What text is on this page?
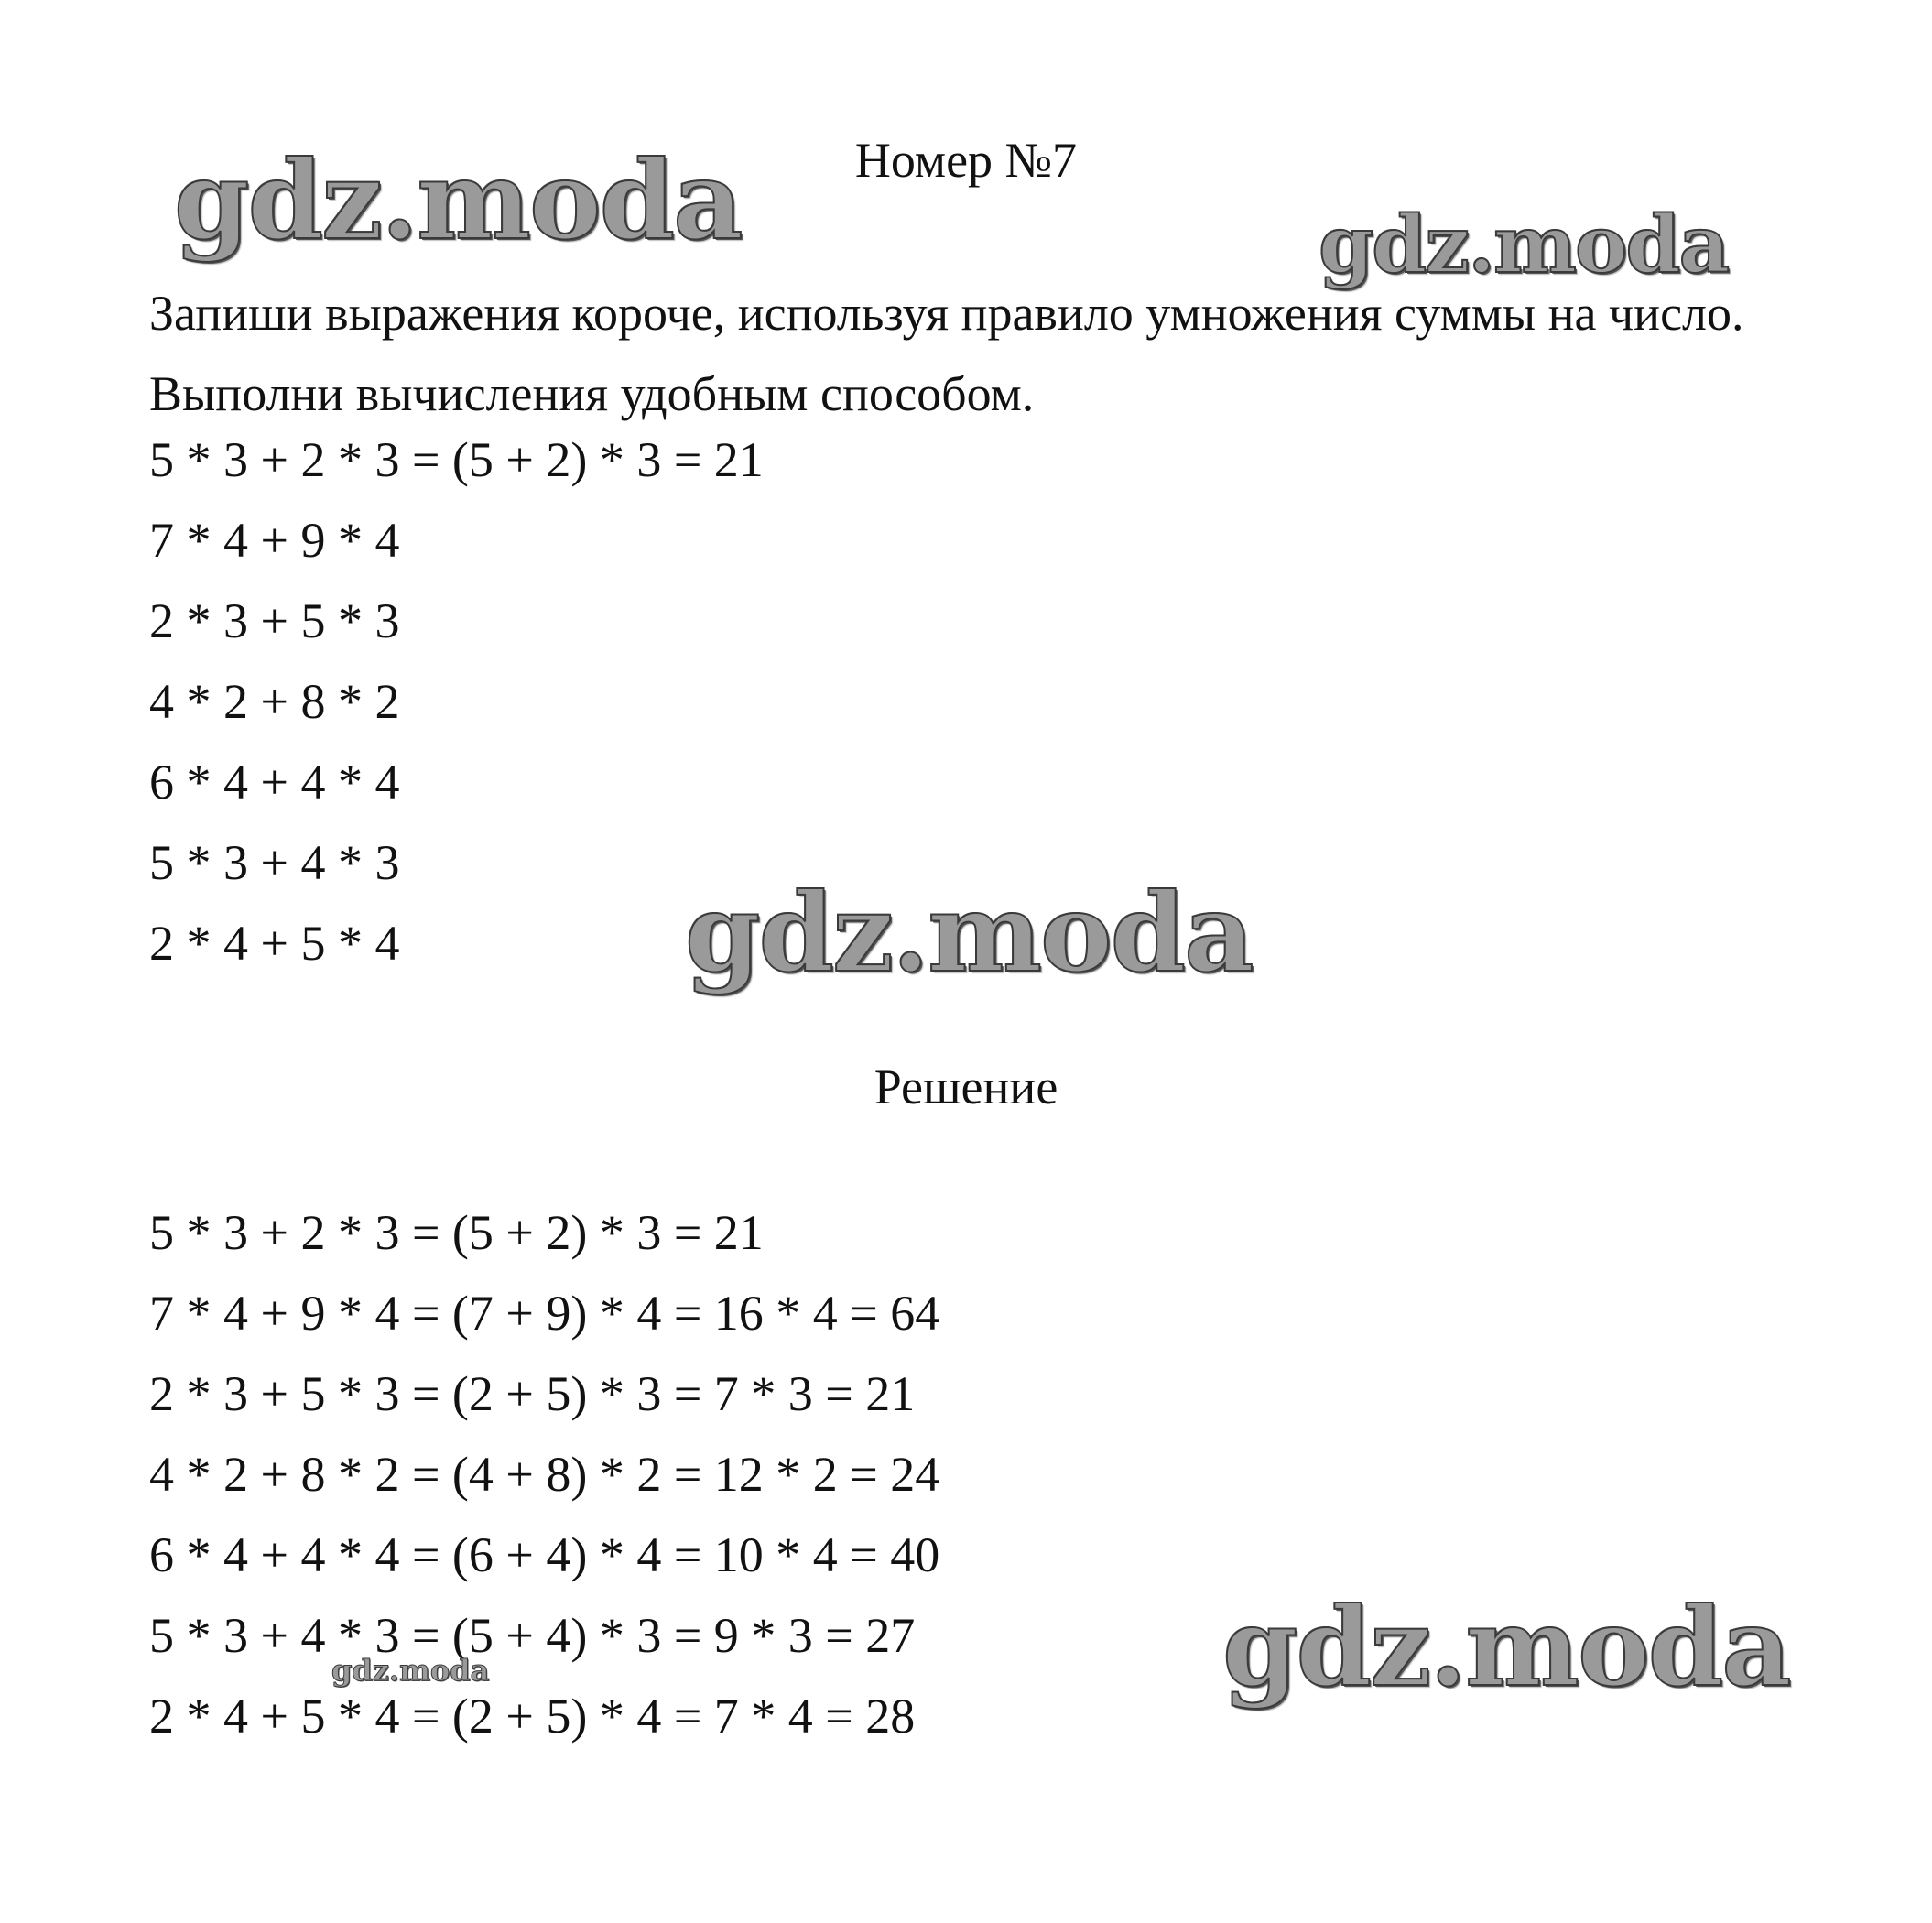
Номер №7

Запиши выражения короче, используя правило умножения суммы на число. Выполни вычисления удобным способом.

5 * 3 + 2 * 3 = (5 + 2) * 3 = 21
7 * 4 + 9 * 4
2 * 3 + 5 * 3
4 * 2 + 8 * 2
6 * 4 + 4 * 4
5 * 3 + 4 * 3
2 * 4 + 5 * 4
Решение
5 * 3 + 2 * 3 = (5 + 2) * 3 = 21
7 * 4 + 9 * 4 = (7 + 9) * 4 = 16 * 4 = 64
2 * 3 + 5 * 3 = (2 + 5) * 3 = 7 * 3 = 21
4 * 2 + 8 * 2 = (4 + 8) * 2 = 12 * 2 = 24
6 * 4 + 4 * 4 = (6 + 4) * 4 = 10 * 4 = 40
5 * 3 + 4 * 3 = (5 + 4) * 3 = 9 * 3 = 27
2 * 4 + 5 * 4 = (2 + 5) * 4 = 7 * 4 = 28
gdz.moda	gdz.moda
gdz.moda
gdz.moda
gdz.moda
